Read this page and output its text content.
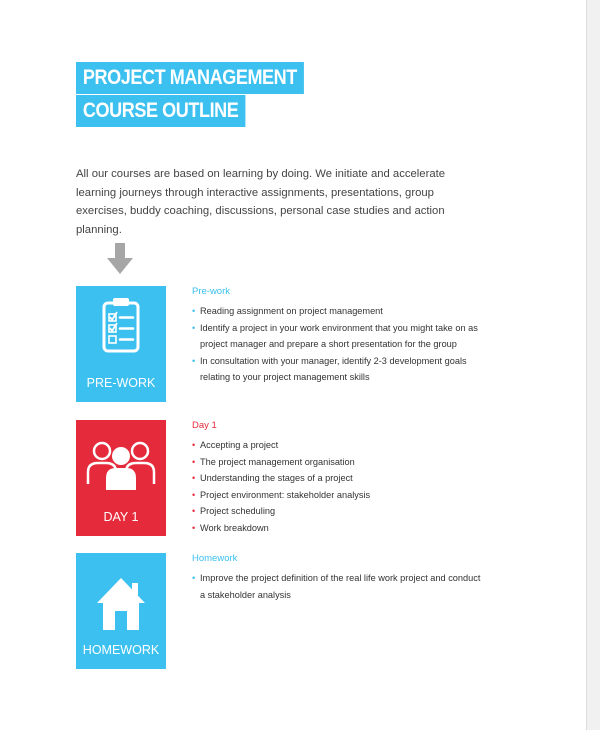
PROJECT MANAGEMENT
COURSE OUTLINE
All our courses are based on learning by doing. We initiate and accelerate learning journeys through interactive assignments, presentations, group exercises, buddy coaching, discussions, personal case studies and action planning.
PRE-WORK
DAY 1
HOMEWORK
Pre-work
• Reading assignment on project management
• Identify a project in your work environment that you might take on as project manager and prepare a short presentation for the group
• In consultation with your manager, identify 2-3 development goals relating to your project management skills
Day 1
• Accepting a project
• The project management organisation
• Understanding the stages of a project
• Project environment: stakeholder analysis
• Project scheduling
• Work breakdown
Homework
• Improve the project definition of the real life work project and conduct a stakeholder analysis
